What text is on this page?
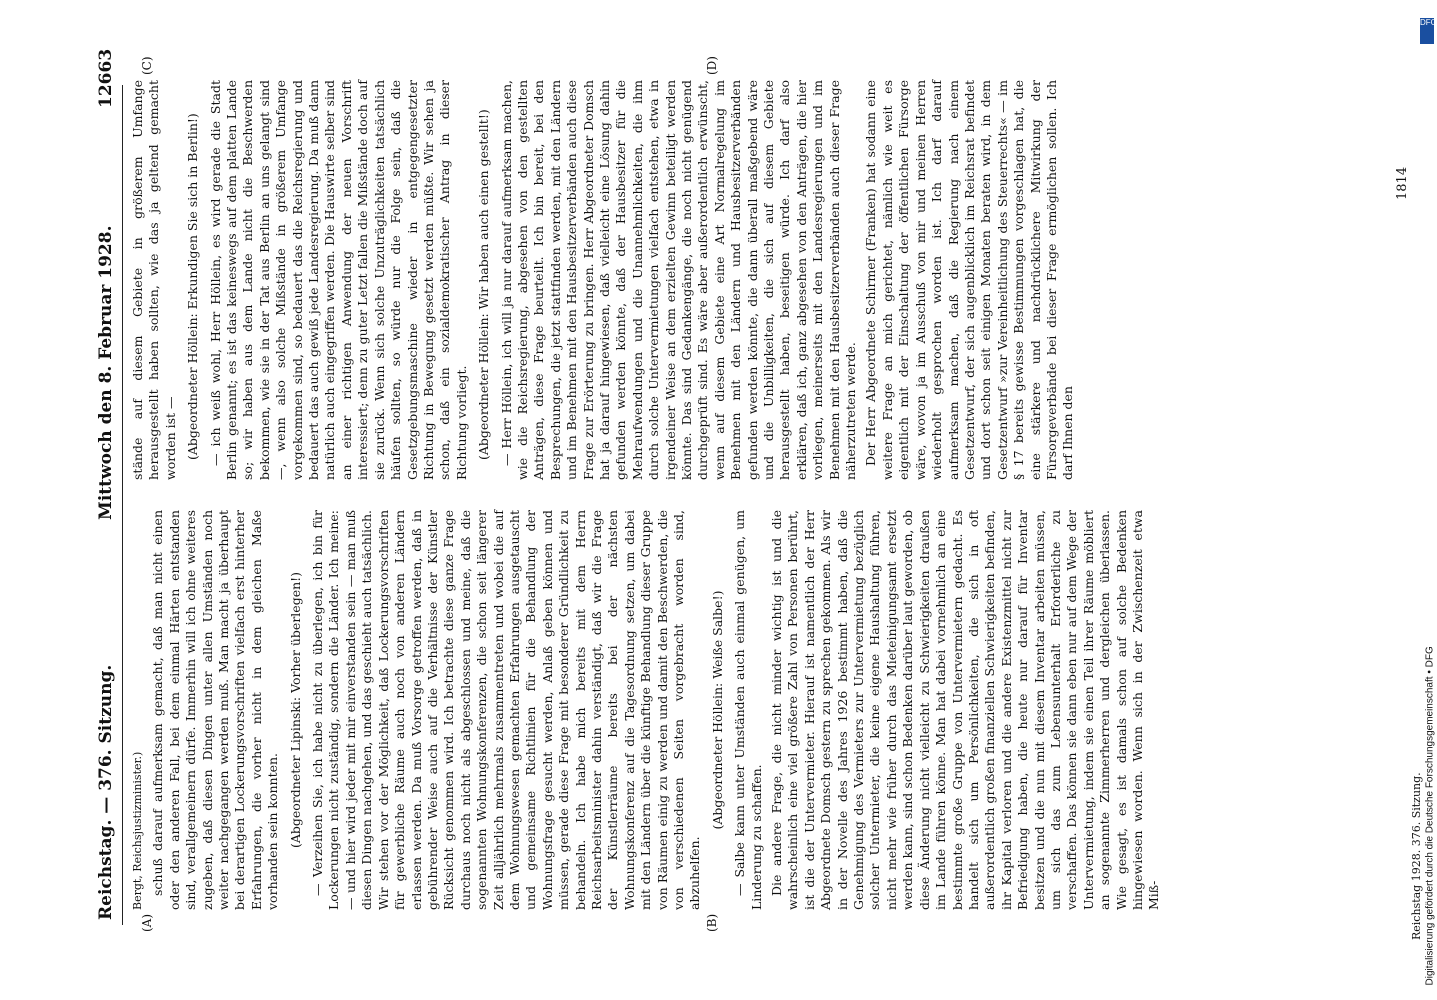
Reichstag. — 376. Sitzung.
Mittwoch den 8. Februar 1928.
12663
(A)	(B)
(C)	(D)

Bergt, Reichsjustizminister.) schuß darauf aufmerksam gemacht, daß man nicht einen oder den anderen Fall, bei dem einmal Härten entstanden sind, verallgemeinern dürfe. Immerhin will ich ohne weiteres zugeben, daß diesen Dingen unter allen Umständen noch weiter nachgegangen werden muß. Man macht ja überhaupt bei derartigen Lockerungsvorschriften vielfach erst hinterher Erfahrungen, die vorher nicht in dem gleichen Maße vorhanden sein konnten. (Abgeordneter Lipinski: Vorher überlegen!) — Verzeihen Sie, ich habe nicht zu überlegen, ich bin für Lockerungen nicht zuständig, sondern die Länder. Ich meine: — und hier wird jeder mit mir einverstanden sein — man muß diesen Dingen nachgehen, und das geschieht auch tatsächlich. Wir stehen vor der Möglichkeit, daß Lockerungsvorschriften für gewerbliche Räume auch noch von anderen Ländern erlassen werden. Da muß Vorsorge getroffen werden, daß in gebührender Weise auch auf die Verhältnisse der Künstler Rücksicht genommen wird. Ich betrachte diese ganze Frage durchaus noch nicht als abgeschlossen und meine, daß die sogenannten Wohnungskonferenzen, die schon seit längerer Zeit alljährlich mehrmals zusammentreten und wobei die auf dem Wohnungswesen gemachten Erfahrungen ausgetauscht und gemeinsame Richtlinien für die Behandlung der Wohnungsfrage gesucht werden, Anlaß geben können und müssen, gerade diese Frage mit besonderer Gründlichkeit zu behandeln. Ich habe mich bereits mit dem Herrn Reichsarbeitsminister dahin verständigt, daß wir die Frage der Künstlerräume bereits bei der nächsten Wohnungskonferenz auf die Tagesordnung setzen, um dabei mit den Ländern über die künftige Behandlung dieser Gruppe von Räumen einig zu werden und damit den Beschwerden, die von verschiedenen Seiten vorgebracht worden sind, abzuhelfen.

(Abgeordneter Höllein: Weiße Salbe!) — Salbe kann unter Umständen auch einmal genügen, um Linderung zu schaffen. Die andere Frage, die nicht minder wichtig ist und die wahrscheinlich eine viel größere Zahl von Personen berührt, ist die der Untervermieter. Hierauf ist namentlich der Herr Abgeordnete Domsch gestern zu sprechen gekommen. Als wir in der Novelle des Jahres 1926 bestimmt haben, daß die Genehmigung des Vermieters zur Untervermietung bezüglich solcher Untermieter, die keine eigene Haushaltung führen, nicht mehr wie früher durch das Mieteinigungsamt ersetzt werden kann, sind schon Bedenken darüber laut geworden, ob diese Änderung nicht vielleicht zu Schwierigkeiten draußen im Lande führen könne. Man hat dabei vornehmlich an eine bestimmte große Gruppe von Untervermietern gedacht. Es handelt sich um Persönlichkeiten, die sich in oft außerordentlich großen finanziellen Schwierigkeiten befinden, ihr Kapital verloren und die andere Existenzmittel nicht zur Befriedigung haben, die heute nur darauf für Inventar besitzen und die nun mit diesem Inventar arbeiten müssen, um sich das zum Lebensunterhalt Erforderliche zu verschaffen. Das können sie dann eben nur auf dem Wege der Untervermietung, indem sie einen Teil ihrer Räume möbliert an sogenannte Zimmerherren und dergleichen überlassen. Wie gesagt, es ist damals schon auf solche Bedenken hingewiesen worden. Wenn sich in der Zwischenzeit etwa Miß-

stände auf diesem Gebiete in größerem Umfange herausgestellt haben sollten, wie das ja geltend gemacht worden ist — (Abgeordneter Höllein: Erkundigen Sie sich in Berlin!) — ich weiß wohl, Herr Höllein, es wird gerade die Stadt Berlin genannt; es ist das keineswegs auf dem platten Lande so; wir haben aus dem Lande nicht die Beschwerden bekommen, wie sie in der Tat aus Berlin an uns gelangt sind —, wenn also solche Mißstände in größerem Umfange vorgekommen sind, so bedauert das die Reichsregierung und bedauert das auch gewiß jede Landesregierung. Da muß dann natürlich auch eingegriffen werden. Die Hauswirte selber sind an einer richtigen Anwendung der neuen Vorschrift interessiert; denn zu guter Letzt fallen die Mißstände doch auf sie zurück. Wenn sich solche Unzuträglichkeiten tatsächlich häufen sollten, so würde nur die Folge sein, daß die Gesetzgebungsmaschine wieder in entgegengesetzter Richtung in Bewegung gesetzt werden müßte. Wir sehen ja schon, daß ein sozialdemokratischer Antrag in dieser Richtung vorliegt. (Abgeordneter Höllein: Wir haben auch einen gestellt!) — Herr Höllein, ich will ja nur darauf aufmerksam machen, wie die Reichsregierung, abgesehen von den gestellten Anträgen, diese Frage beurteilt. Ich bin bereit, bei den Besprechungen, die jetzt stattfinden werden, mit den Ländern und im Benehmen mit den Hausbesitzerverbänden auch diese Frage zur Erörterung zu bringen. Herr Abgeordneter Domsch hat ja darauf hingewiesen, daß vielleicht eine Lösung dahin gefunden werden könnte, daß der Hausbesitzer für die Mehraufwendungen und die Unannehmlichkeiten, die ihm durch solche Untervermietungen vielfach entstehen, etwa in irgendeiner Weise an dem erzielten Gewinn beteiligt werden könnte. Das sind Gedankengänge, die noch nicht genügend durchgeprüft sind. Es wäre aber außerordentlich erwünscht, wenn auf diesem Gebiete eine Art Normalregelung im Benehmen mit den Ländern und Hausbesitzerverbänden gefunden werden könnte, die dann überall maßgebend wäre und die Unbilligkeiten, die sich auf diesem Gebiete herausgestellt haben, beseitigen würde. Ich darf also erklären, daß ich, ganz abgesehen von den Anträgen, die hier vorliegen, meinerseits mit den Landesregierungen und im Benehmen mit den Hausbesitzerverbänden auch dieser Frage näherzutreten werde. Der Herr Abgeordnete Schirmer (Franken) hat sodann eine weitere Frage an mich gerichtet, nämlich wie weit es eigentlich mit der Einschaltung der öffentlichen Fürsorge wäre, wovon ja im Ausschuß von mir und meinen Herren wiederholt gesprochen worden ist. Ich darf darauf aufmerksam machen, daß die Regierung nach einem Gesetzentwurf, der sich augenblicklich im Reichsrat befindet und dort schon seit einigen Monaten beraten wird, in dem Gesetzentwurf »zur Vereinheitlichung des Steuerrechts« — im § 17 bereits gewisse Bestimmungen vorgeschlagen hat, die eine stärkere und nachdrücklichere Mitwirkung der Fürsorgeverbände bei dieser Frage ermöglichen sollen. Ich darf Ihnen den

Reichstag 1928. 376. Sitzung.
1814
Digitalisierung gefördert durch die Deutsche Forschungsgemeinschaft • DFG
DFG
